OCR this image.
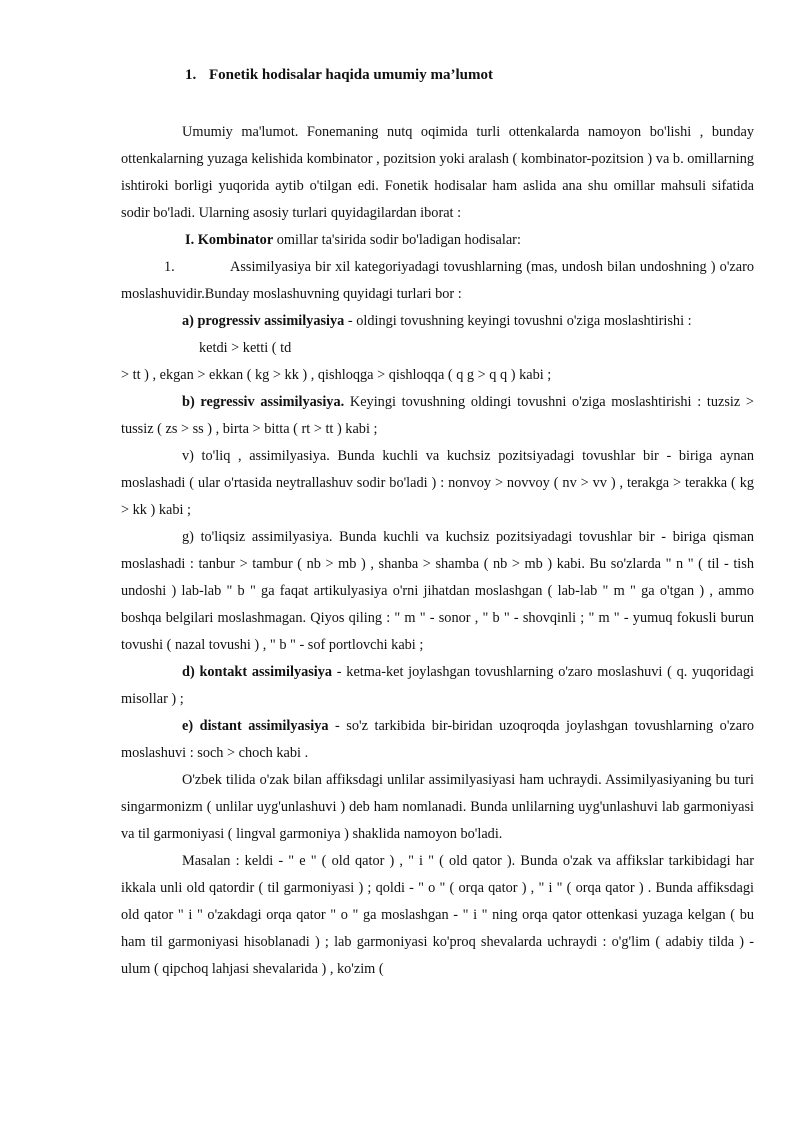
1. Fonetik hodisalar haqida umumiy ma’lumot

Umumiy ma'lumot. Fonemaning nutq oqimida turli ottenkalarda namoyon bo'lishi , bunday ottenkalarning yuzaga kelishida kombinator , pozitsion yoki aralash ( kombinator-pozitsion ) va b. omillarning ishtiroki borligi yuqorida aytib o'tilgan edi. Fonetik hodisalar ham aslida ana shu omillar mahsuli sifatida sodir bo'ladi. Ularning asosiy turlari quyidagilardan iborat :

I. Kombinator omillar ta'sirida sodir bo'ladigan hodisalar:

1.	Assimilyasiya bir xil kategoriyadagi tovushlarning (mas, undosh bilan undoshning ) o'zaro moslashuvidir.Bunday moslashuvning quyidagi turlari bor :

a) progressiv assimilyasiya - oldingi tovushning keyingi tovushni o'ziga moslashtirishi :

ketdi > ketti ( td

> tt ) , ekgan > ekkan ( kg > kk ) , qishloqga > qishloqqa ( q g > q q ) kabi ;

b) regressiv assimilyasiya. Keyingi tovushning oldingi tovushni o'ziga moslashtirishi : tuzsiz > tussiz ( zs > ss ) , birta > bitta ( rt > tt ) kabi ;

v) to'liq , assimilyasiya. Bunda kuchli va kuchsiz pozitsiyadagi tovushlar bir - biriga aynan moslashadi ( ular o'rtasida neytrallashuv sodir bo'ladi ) : nonvoy > novvoy ( nv > vv ) , terakga > terakka ( kg > kk ) kabi ;

g) to'liqsiz assimilyasiya. Bunda kuchli va kuchsiz pozitsiyadagi tovushlar bir - biriga qisman moslashadi : tanbur > tambur ( nb > mb ) , shanba > shamba ( nb > mb ) kabi. Bu so'zlarda " n " ( til - tish undoshi ) lab-lab " b " ga faqat artikulyasiya o'rni jihatdan moslashgan ( lab-lab " m " ga o'tgan ) , ammo boshqa belgilari moslashmagan. Qiyos qiling : " m " - sonor , " b " - shovqinli ; " m " - yumuq fokusli burun tovushi ( nazal tovushi ) , " b " - sof portlovchi kabi ;

d) kontakt assimilyasiya - ketma-ket joylashgan tovushlarning o'zaro moslashuvi ( q. yuqoridagi misollar ) ;

e) distant assimilyasiya - so'z tarkibida bir-biridan uzoqroqda joylashgan tovushlarning o'zaro moslashuvi : soch > choch kabi .

O'zbek tilida o'zak bilan affiksdagi unlilar assimilyasiyasi ham uchraydi. Assimilyasiyaning bu turi singarmonizm ( unlilar uyg'unlashuvi ) deb ham nomlanadi. Bunda unlilarning uyg'unlashuvi lab garmoniyasi va til garmoniyasi ( lingval garmoniya ) shaklida namoyon bo'ladi.

Masalan : keldi - " e " ( old qator ) , " i " ( old qator ). Bunda o'zak va affikslar tarkibidagi har ikkala unli old qatordir ( til garmoniyasi ) ; qoldi - " o " ( orqa qator ) , " i " ( orqa qator ) . Bunda affiksdagi old qator " i " o'zakdagi orqa qator " o " ga moslashgan - " i " ning orqa qator ottenkasi yuzaga kelgan ( bu ham til garmoniyasi hisoblanadi ) ; lab garmoniyasi ko'proq shevalarda uchraydi : o'g'lim ( adabiy tilda ) - ulum ( qipchoq lahjasi shevalarida ) , ko'zim (
